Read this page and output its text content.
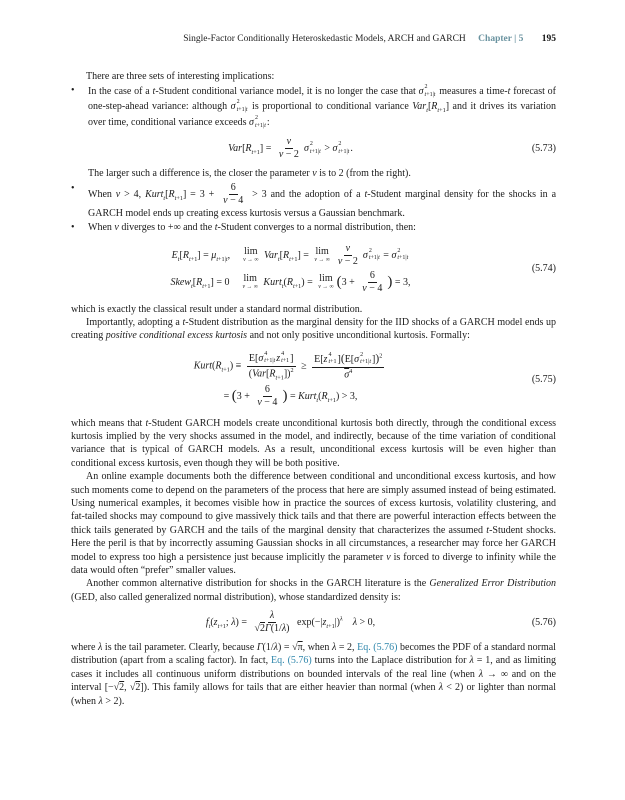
Single-Factor Conditionally Heteroskedastic Models, ARCH and GARCH Chapter | 5 195

There are three sets of interesting implications:

•	In the case of a t-Student conditional variance model, it is no longer the case that σ 2
t+1|t measures a time-t forecast of one-step-ahead variance: although σ 2
t+1|t is proportional to conditional variance $Var_t[R_{t+1}]$ and it drives its variation over time, conditional variance exceeds σ 2
t+1|t :
$Var[R_{t+1}] = \frac{\nu}{\nu - 2}$ σ 2
t+1|t > σ 2
t+1|t .	(5.73)
The larger such a difference is, the closer the parameter ν is to 2 (from the right).
•
When ν > 4, $Kurt_t[R_{t+1}] = 3 + \frac{6}{\nu - 4} > 3$ and the adoption of a t-Student marginal density for the shocks in a GARCH model ends up creating excess kurtosis versus a Gaussian benchmark.
•	When ν diverges to +∞ and the t-Student converges to a normal distribution, then:
$E_t[R_{t+1}] = \mu_{t+1|t}$,  lim
ν → ∞ $Var_t[R_{t+1}] = \lim$
ν → ∞ $\frac{\nu}{\nu - 2}$ σ 2
t+1|t = σ 2
t+1|t
$Skew_t[R_{t+1}] = 0$  lim
ν → ∞ $Kurt_t(R_{t+1}) = \lim$
ν → ∞ ($3 + \frac{6}{\nu - 4}$ ) = 3,
(5.74)

which is exactly the classical result under a standard normal distribution.

Importantly, adopting a t-Student distribution as the marginal density for the IID shocks of a GARCH model ends up creating positive conditional excess kurtosis and not only positive unconditional kurtosis. Formally:

$Kurt(R_{t+1}) \equiv E[\sigma$ 4
t+1|t z 4
t+1 ]
$(Var[R_{t+1}])^2 \ge E[z$ 4
t+1 ](E[σ 2
t+1|t ])$^2$
$\overline{\sigma}^4$
= ($3 + \frac{6}{\nu - 4}$ ) = $Kurt_t(R_{t+1}) > 3$,
(5.75)

which means that t-Student GARCH models create unconditional kurtosis both directly, through the conditional excess kurtosis implied by the very shocks assumed in the model, and indirectly, because of the time variation of conditional variance that is typical of GARCH models. As a result, unconditional excess kurtosis will be even higher than conditional excess kurtosis, even though they will be both positive.

An online example documents both the difference between conditional and unconditional excess kurtosis, and how such moments come to depend on the parameters of the process that here are simply assumed instead of being estimated. Using numerical examples, it becomes visible how in practice the sources of excess kurtosis, volatility clustering, and fat-tailed shocks may compound to give massively thick tails and that there are powerful interaction effects between the thick tails generated by GARCH and the tails of the marginal density that characterizes the assumed t-Student shocks. Here the peril is that by incorrectly assuming Gaussian shocks in all circumstances, a researcher may force her GARCH model to express too high a persistence just because implicitly the parameter ν is forced to diverge to infinity while the data would often “prefer” smaller values.

Another common alternative distribution for shocks in the GARCH literature is the Generalized Error Distribution (GED, also called generalized normal distribution), whose standardized density is:

$f_t(z_{t+1}$; $\lambda) = \frac{\lambda}{√2\Gamma(1/\lambda)} \exp(-|z_{t+1}|)^\lambda$  λ > 0,	(5.76)

where λ is the tail parameter. Clearly, because Γ(1/λ) = √π, when λ = 2, Eq. (5.76) becomes the PDF of a standard normal distribution (apart from a scaling factor). In fact, Eq. (5.76) turns into the Laplace distribution for λ = 1, and as limiting cases it includes all continuous uniform distributions on bounded intervals of the real line (when λ → ∞ and on the interval [−√2, √2]). This family allows for tails that are either heavier than normal (when λ < 2) or lighter than normal (when λ > 2).
